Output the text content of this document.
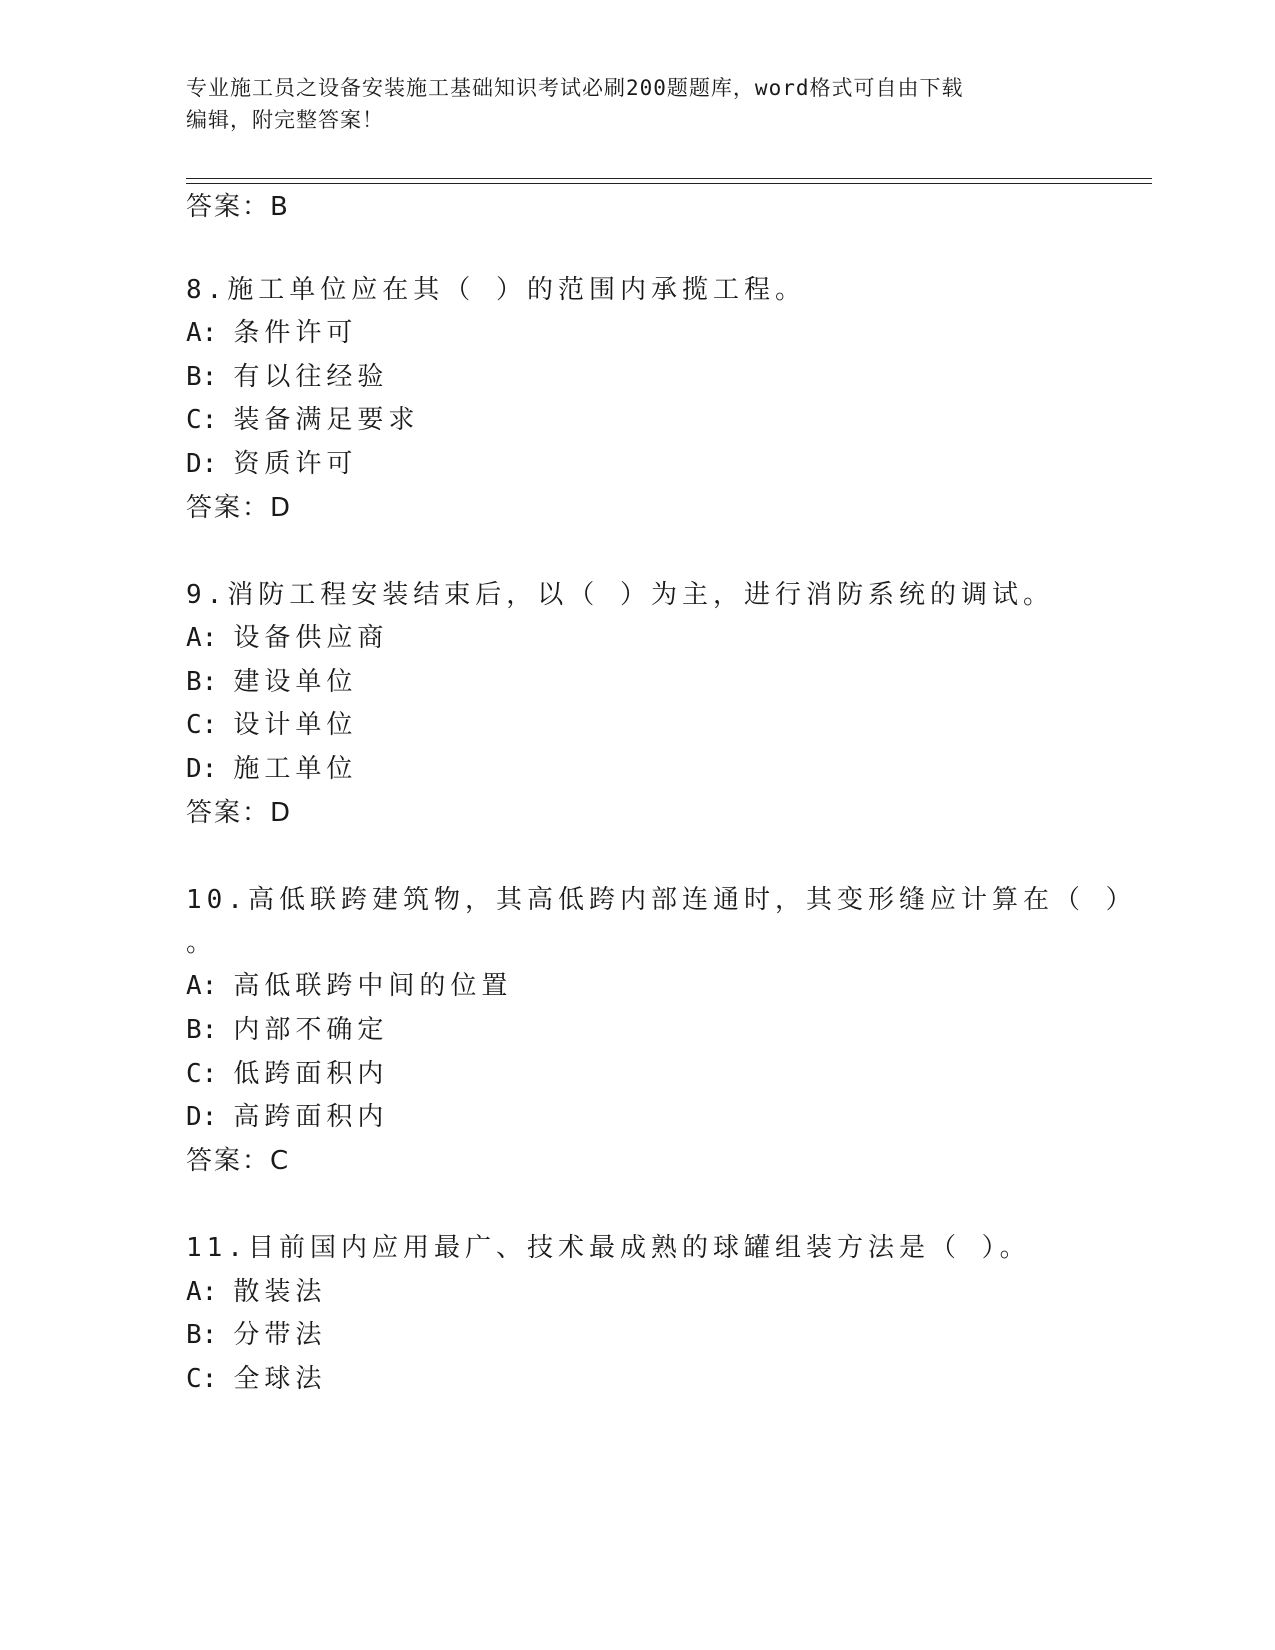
专业施工员之设备安装施工基础知识考试必刷200题题库，word格式可自由下载
编辑，附完整答案！
答案：B
8.施工单位应在其（ ）的范围内承揽工程。
A: 条件许可
B: 有以往经验
C: 装备满足要求
D: 资质许可
答案：D
9.消防工程安装结束后，以（ ）为主，进行消防系统的调试。
A: 设备供应商
B: 建设单位
C: 设计单位
D: 施工单位
答案：D
10.高低联跨建筑物，其高低跨内部连通时，其变形缝应计算在（ ）
。
A: 高低联跨中间的位置
B: 内部不确定
C: 低跨面积内
D: 高跨面积内
答案：C
11.目前国内应用最广、技术最成熟的球罐组装方法是（ ）。
A: 散装法
B: 分带法
C: 全球法
